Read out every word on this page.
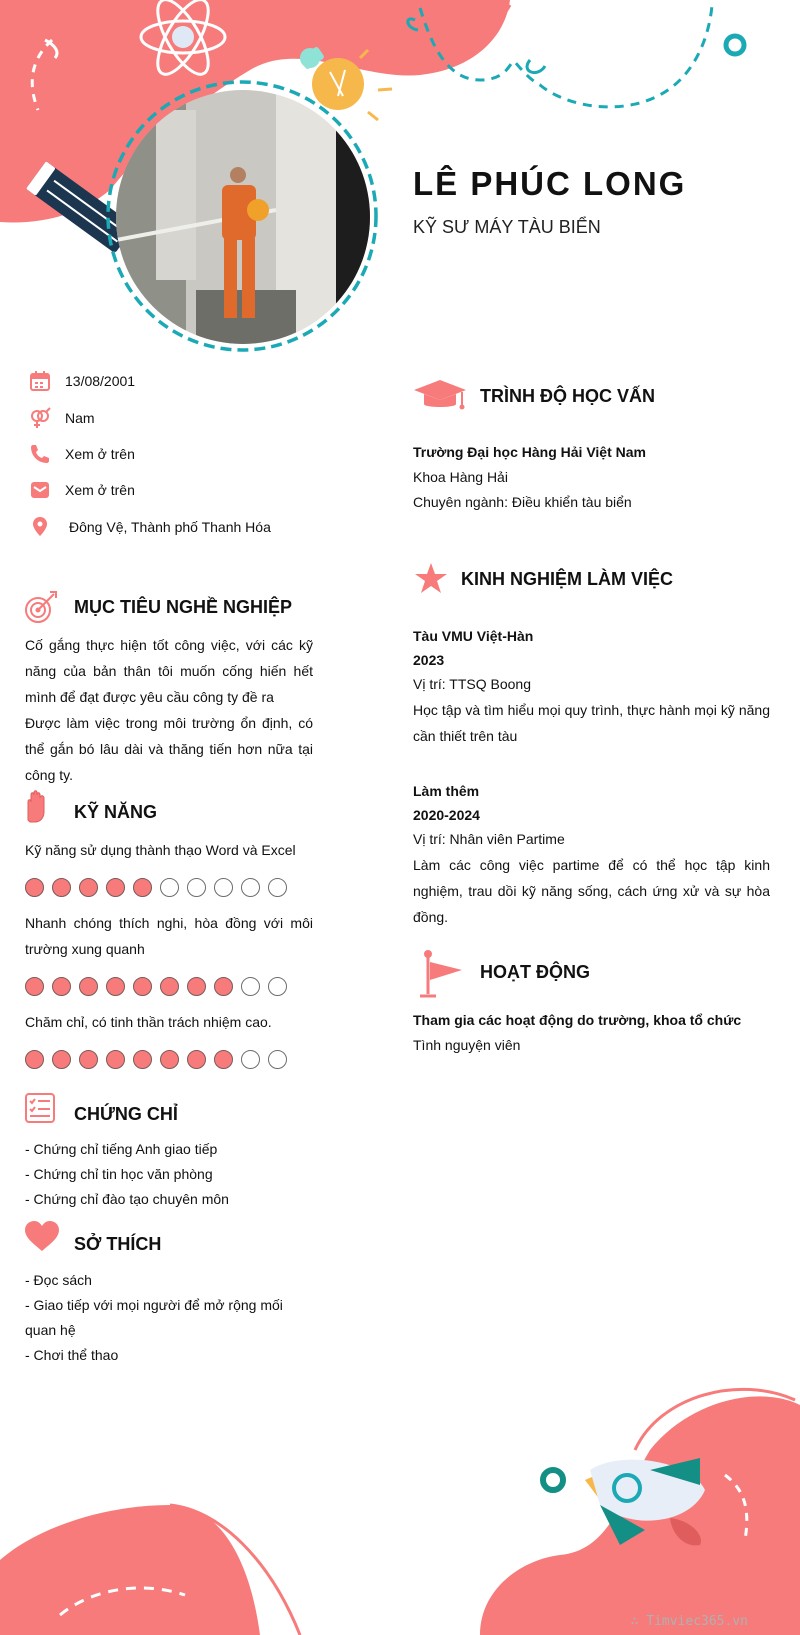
LÊ PHÚC LONG
KỸ SƯ MÁY TÀU BIỂN
13/08/2001
Nam
Xem ở trên
Xem ở trên
Đông Vệ, Thành phố Thanh Hóa
MỤC TIÊU NGHỀ NGHIỆP
Cố gắng thực hiện tốt công việc, với các kỹ năng của bản thân tôi muốn cống hiến hết mình để đạt được yêu cầu công ty đề ra
Được làm việc trong môi trường ổn định, có thể gắn bó lâu dài và thăng tiến hơn nữa tại công ty.
KỸ NĂNG
Kỹ năng sử dụng thành thạo Word và Excel
Nhanh chóng thích nghi, hòa đồng với môi trường xung quanh
Chăm chỉ, có tinh thần trách nhiệm cao.
CHỨNG CHỈ
- Chứng chỉ tiếng Anh giao tiếp
- Chứng chỉ tin học văn phòng
- Chứng chỉ đào tạo chuyên môn
SỞ THÍCH
- Đọc sách
- Giao tiếp với mọi người để mở rộng mối quan hệ
- Chơi thể thao
TRÌNH ĐỘ HỌC VẤN
Trường Đại học Hàng Hải Việt Nam
Khoa Hàng Hải
Chuyên ngành: Điều khiển tàu biển
KINH NGHIỆM LÀM VIỆC
Tàu VMU Việt-Hàn
2023
Vị trí: TTSQ Boong
Học tập và tìm hiểu mọi quy trình, thực hành mọi kỹ năng cần thiết trên tàu
Làm thêm
2020-2024
Vị trí: Nhân viên Partime
Làm các công việc partime để có thể học tập kinh nghiệm, trau dồi kỹ năng sống, cách ứng xử và sự hòa đồng.
HOẠT ĐỘNG
Tham gia các hoạt động do trường, khoa tổ chức
Tình nguyện viên
∴ Timviec365.vn
